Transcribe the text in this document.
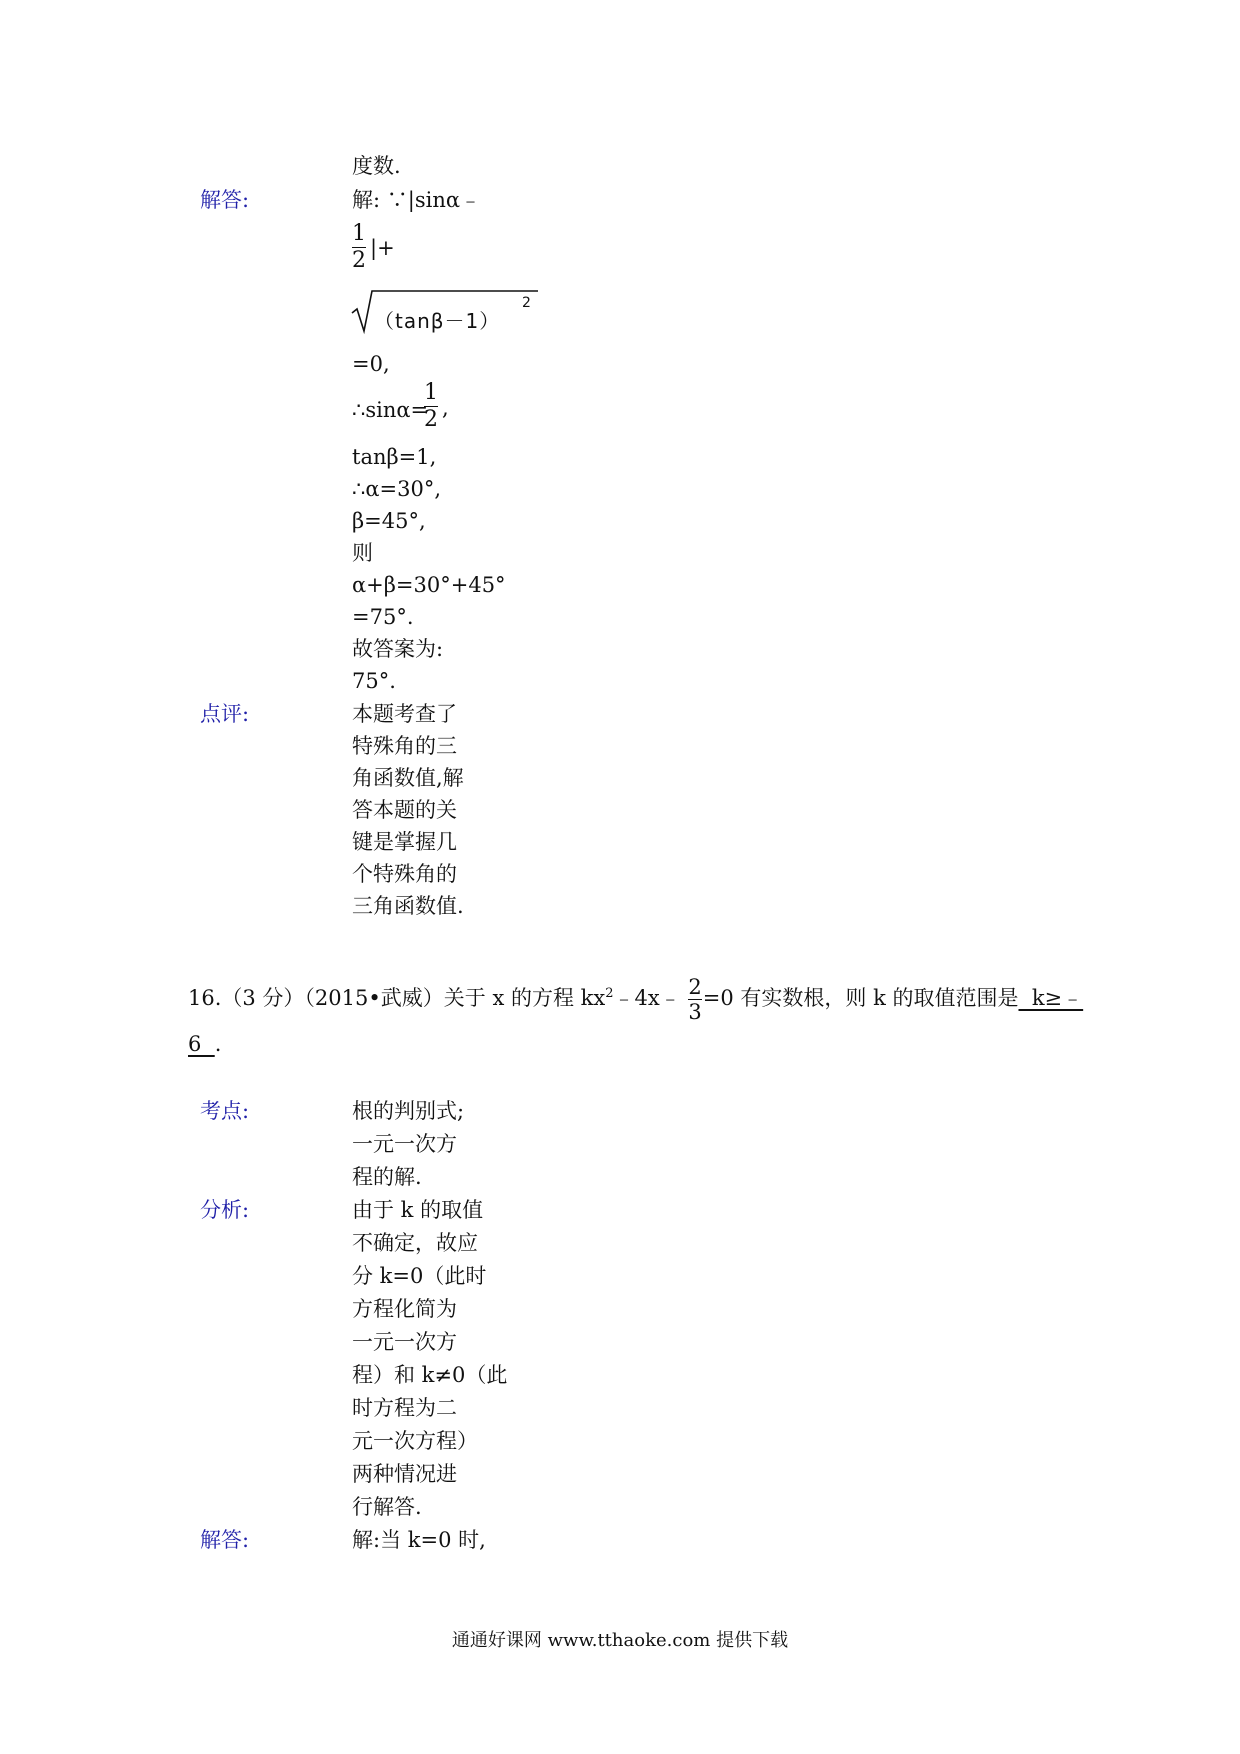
度数.
解答:	解: ∵|sinα﹣
1
2 |+
（tanβ－1）
2
=0,
∴sinα=
1
2 ,
tanβ=1,
∴α=30°,
β=45°,
则
α+β=30°+45°
=75°.
故答案为:
75°.
点评:	本题考查了
特殊角的三
角函数值,解
答本题的关
键是掌握几
个特殊角的
三角函数值.
16.（3 分）（2015•武威）关于 x 的方程 $kx^2﹣4x﹣ \frac{2}{3} =0$ 有实数根，则 k 的取值范围是  k≥﹣
6  .
考点:	根的判别式;
一元一次方
程的解.
分析:	由于 k 的取值
不确定，故应
分 k=0（此时
方程化简为
一元一次方
程）和 k≠0（此
时方程为二
元一次方程）
两种情况进
行解答.
解答:	解:当 k=0 时,
通通好课网 www.tthaoke.com 提供下载
